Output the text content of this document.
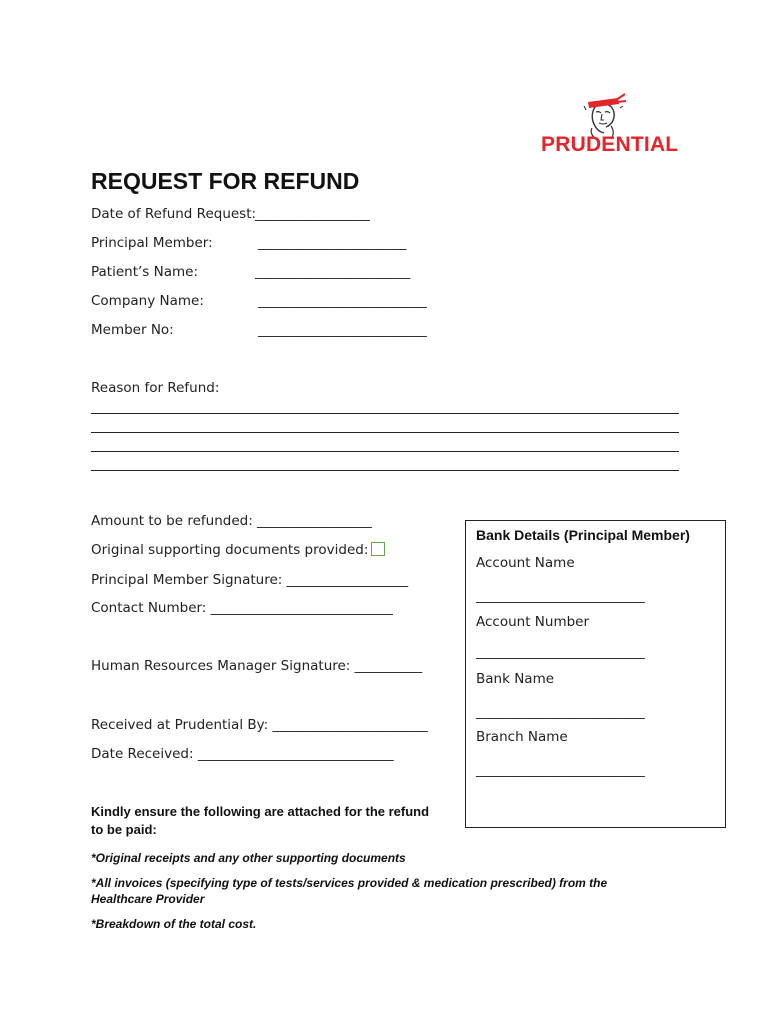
PRUDENTIAL
REQUEST FOR REFUND
Date of Refund Request:
_________________
Principal Member:	______________________
Patient’s Name:	_______________________
Company Name:	_________________________
Member No:	_________________________
Reason for Refund:
Amount to be refunded: _________________
Original supporting documents provided:
Principal Member Signature: __________________
Contact Number: ___________________________
Human Resources Manager Signature: __________
Received at Prudential By: _______________________
Date Received: _____________________________
Bank Details (Principal Member)
Account Name
_________________________
Account Number
_________________________
Bank Name
_________________________
Branch Name
_________________________
Kindly ensure the following are attached for the refund
to be paid:
*Original receipts and any other supporting documents
*All invoices (specifying type of tests/services provided & medication prescribed) from the
Healthcare Provider
*Breakdown of the total cost.
